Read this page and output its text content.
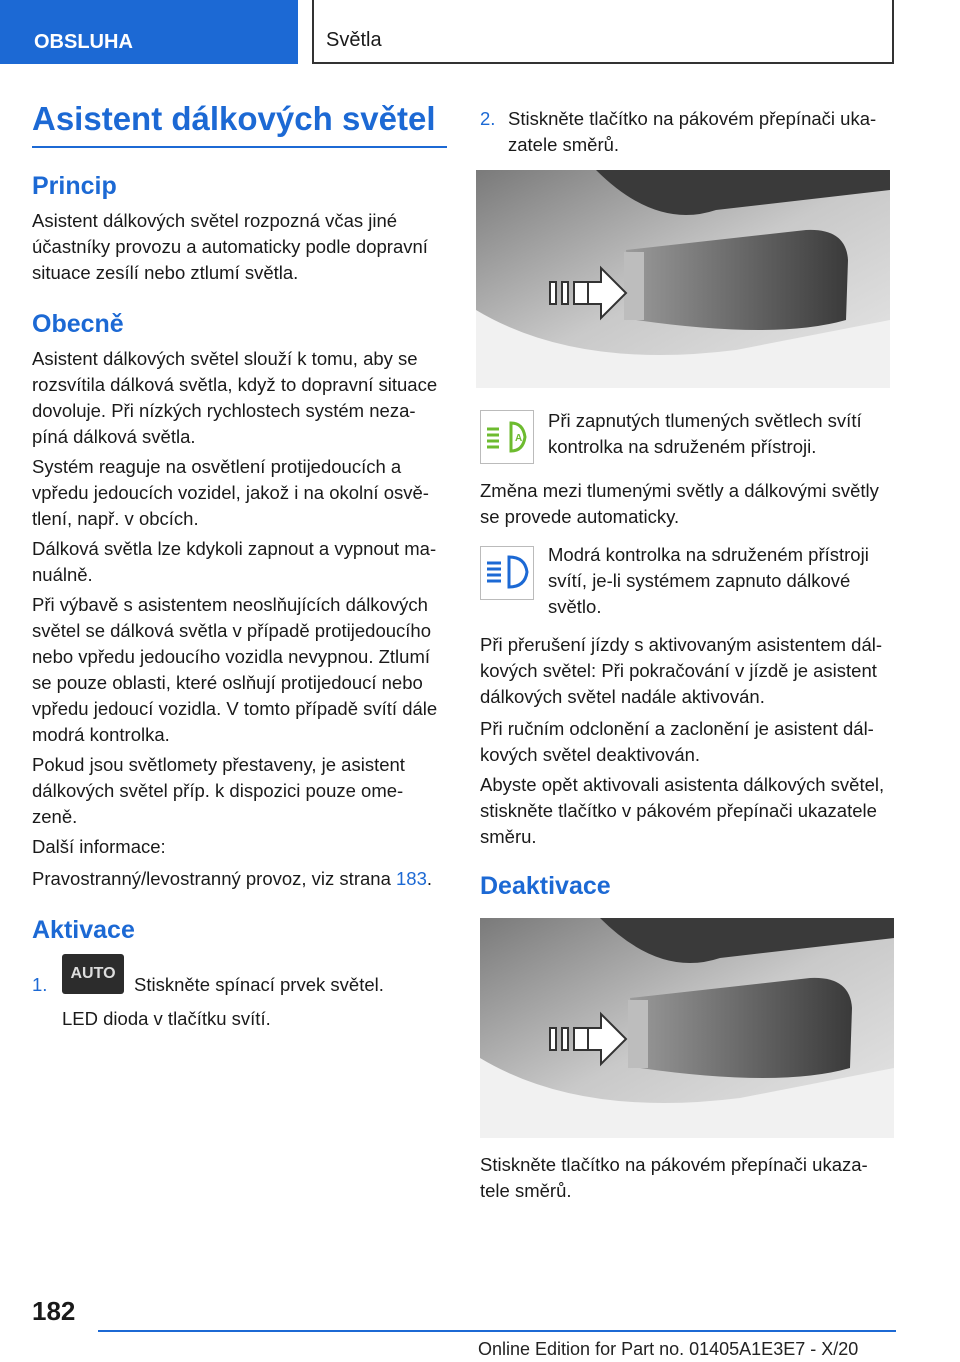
OBSLUHA	Světla
Asistent dálkových světel
Princip

Asistent dálkových světel rozpozná včas jiné
účastníky provozu a automaticky podle dopravní
situace zesílí nebo ztlumí světla.

Obecně

Asistent dálkových světel slouží k tomu, aby se
rozsvítila dálková světla, když to dopravní situace
dovoluje. Při nízkých rychlostech systém neza-
píná dálková světla.

Systém reaguje na osvětlení protijedoucích a
vpředu jedoucích vozidel, jakož i na okolní osvě-
tlení, např. v obcích.

Dálková světla lze kdykoli zapnout a vypnout ma-
nuálně.

Při výbavě s asistentem neoslňujících dálkových
světel se dálková světla v případě protijedoucího
nebo vpředu jedoucího vozidla nevypnou. Ztlumí
se pouze oblasti, které oslňují protijedoucí nebo
vpředu jedoucí vozidla. V tomto případě svítí dále
modrá kontrolka.

Pokud jsou světlomety přestaveny, je asistent
dálkových světel příp. k dispozici pouze ome-
zeně.

Další informace:

Pravostranný/levostranný provoz, viz strana 183.

Aktivace

1.

AUTO

Stiskněte spínací prvek světel.

LED dioda v tlačítku svítí.

2. Stiskněte tlačítko na pákovém přepínači uka-
zatele směrů.

A

Při zapnutých tlumených světlech svítí
kontrolka na sdruženém přístroji.

Změna mezi tlumenými světly a dálkovými světly
se provede automaticky.

Modrá kontrolka na sdruženém přístroji
svítí, je-li systémem zapnuto dálkové
světlo.

Při přerušení jízdy s aktivovaným asistentem dál-
kových světel: Při pokračování v jízdě je asistent
dálkových světel nadále aktivován.

Při ručním odclonění a zaclonění je asistent dál-
kových světel deaktivován.

Abyste opět aktivovali asistenta dálkových světel,
stiskněte tlačítko v pákovém přepínači ukazatele
směru.

Deaktivace

Stiskněte tlačítko na pákovém přepínači ukaza-
tele směrů.

182

Online Edition for Part no. 01405A1E3E7 - X/20
